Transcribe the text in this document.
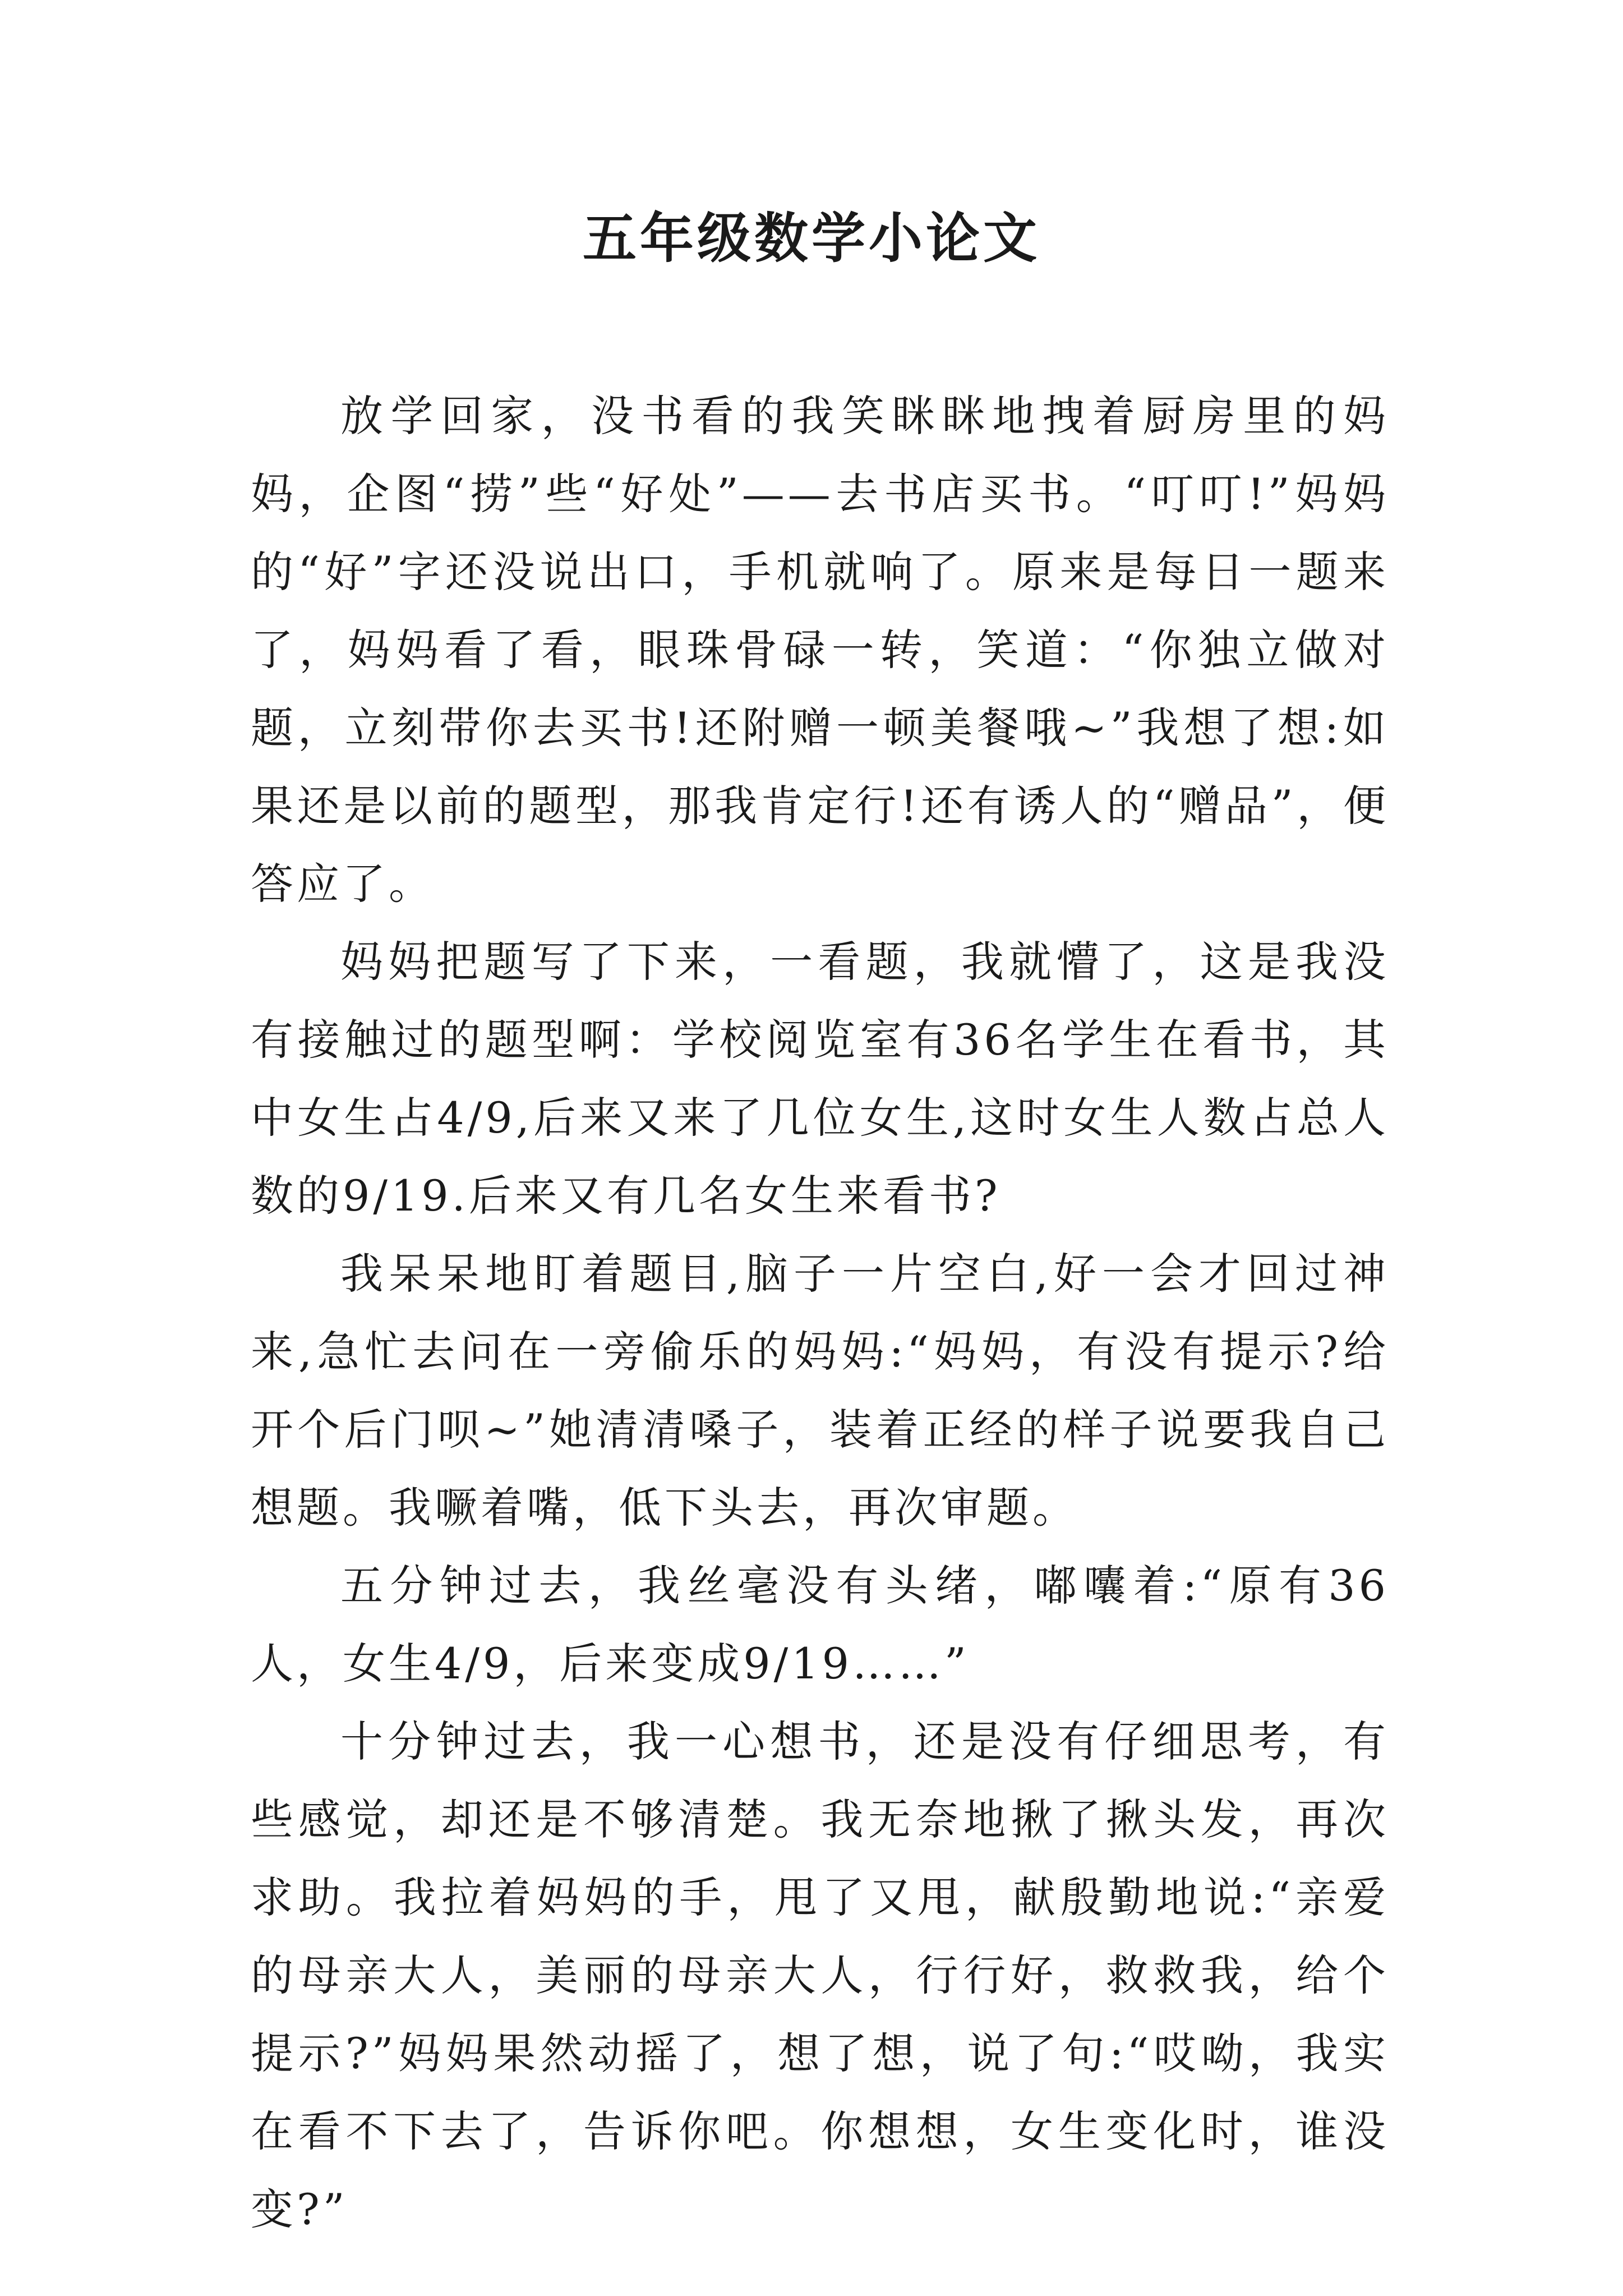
五年级数学小论文

放学回家，没书看的我笑眯眯地拽着厨房里的妈妈，企图“捞”些“好处”——去书店买书。“叮叮!”妈妈的“好”字还没说出口，手机就响了。原来是每日一题来了，妈妈看了看，眼珠骨碌一转，笑道：“你独立做对题，立刻带你去买书!还附赠一顿美餐哦~”我想了想:如果还是以前的题型，那我肯定行!还有诱人的“赠品”，便答应了。

妈妈把题写了下来，一看题，我就懵了，这是我没有接触过的题型啊：学校阅览室有36名学生在看书，其中女生占4/9,后来又来了几位女生,这时女生人数占总人数的9/19.后来又有几名女生来看书?

我呆呆地盯着题目,脑子一片空白,好一会才回过神来,急忙去问在一旁偷乐的妈妈:“妈妈，有没有提示?给开个后门呗~”她清清嗓子，装着正经的样子说要我自己想题。我噘着嘴，低下头去，再次审题。

五分钟过去，我丝毫没有头绪，嘟囔着:“原有36人，女生4/9，后来变成9/19……”

十分钟过去，我一心想书，还是没有仔细思考，有些感觉，却还是不够清楚。我无奈地揪了揪头发，再次求助。我拉着妈妈的手，甩了又甩，献殷勤地说:“亲爱的母亲大人，美丽的母亲大人，行行好，救救我，给个提示?”妈妈果然动摇了，想了想，说了句:“哎呦，我实在看不下去了，告诉你吧。你想想，女生变化时，谁没变?”
